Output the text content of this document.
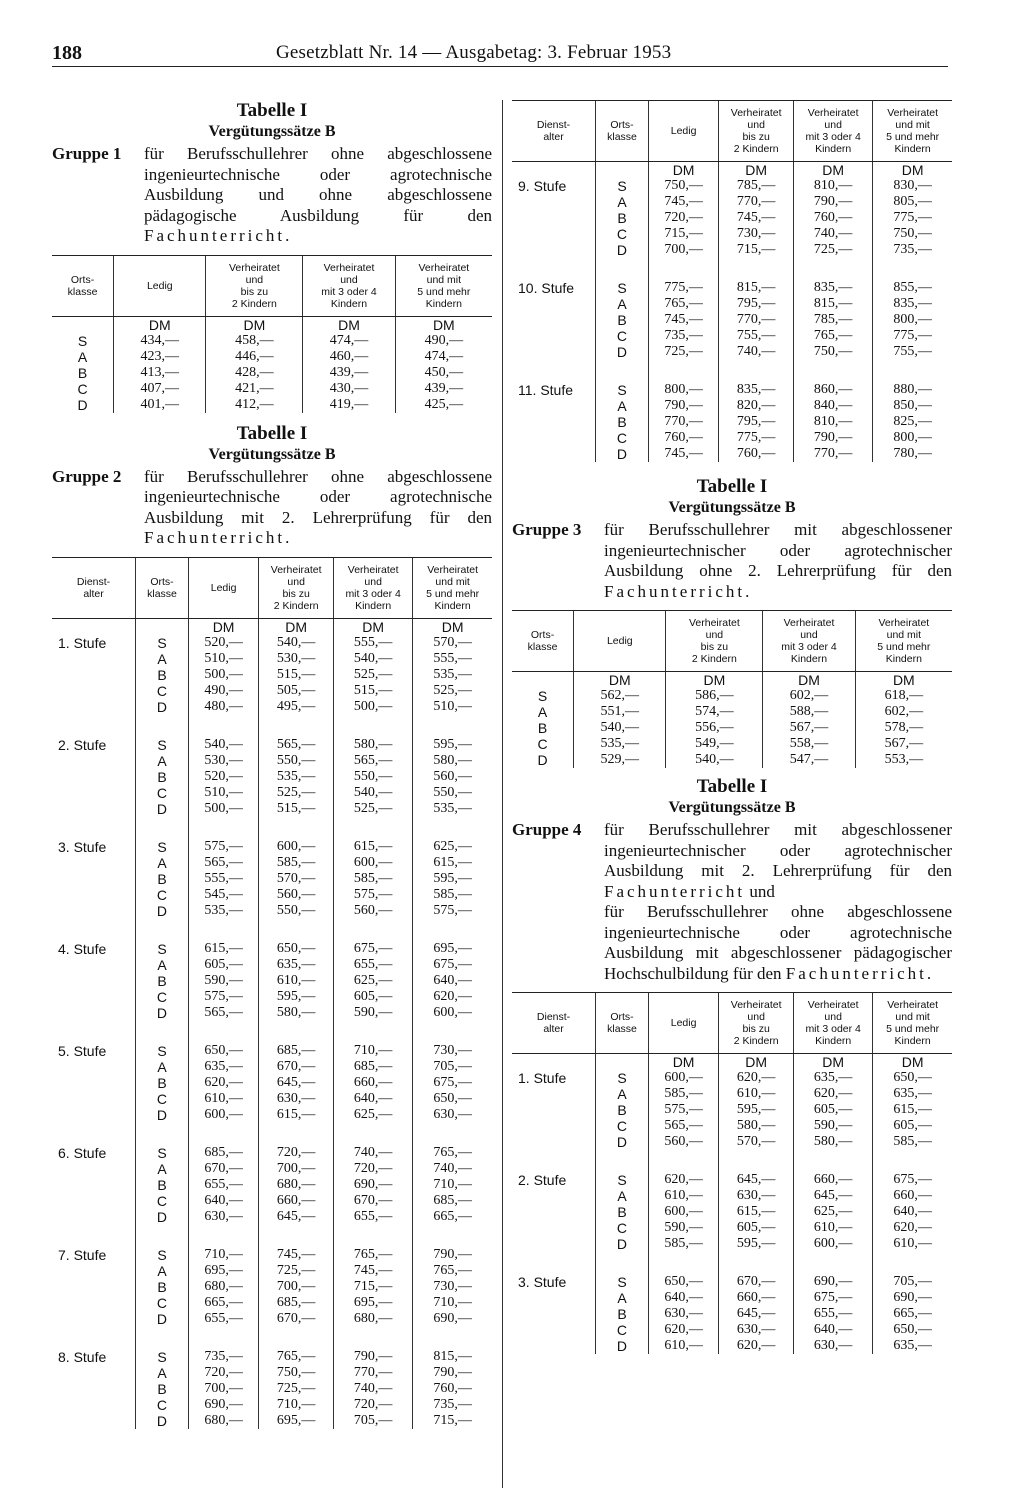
188	Gesetzblatt Nr. 14 — Ausgabetag: 3. Februar 1953
Tabelle I
Vergütungssätze B
Gruppe 1	für Berufsschullehrer ohne abgeschlossene ingenieurtechnische oder agrotechnische Ausbildung und ohne abgeschlossene pädagogische Ausbildung für den Fachunterricht.
Orts-
klasse	Ledig	Verheiratet
und
bis zu
2 Kindern	Verheiratet
und
mit 3 oder 4
Kindern	Verheiratet
und mit
5 und mehr
Kindern
	DM	DM	DM	DM
S	434,—	458,—	474,—	490,—
A	423,—	446,—	460,—	474,—
B	413,—	428,—	439,—	450,—
C	407,—	421,—	430,—	439,—
D	401,—	412,—	419,—	425,—
Tabelle I
Vergütungssätze B
Gruppe 2	für Berufsschullehrer ohne abgeschlossene ingenieurtechnische oder agrotechnische Ausbildung mit 2. Lehrerprüfung für den Fachunterricht.
Dienst-
alter	Orts-
klasse	Ledig	Verheiratet
und
bis zu
2 Kindern	Verheiratet
und
mit 3 oder 4
Kindern	Verheiratet
und mit
5 und mehr
Kindern
		DM	DM	DM	DM
1. Stufe	S	520,—	540,—	555,—	570,—
	A	510,—	530,—	540,—	555,—
	B	500,—	515,—	525,—	535,—
	C	490,—	505,—	515,—	525,—
	D	480,—	495,—	500,—	510,—

2. Stufe	S	540,—	565,—	580,—	595,—
	A	530,—	550,—	565,—	580,—
	B	520,—	535,—	550,—	560,—
	C	510,—	525,—	540,—	550,—
	D	500,—	515,—	525,—	535,—

3. Stufe	S	575,—	600,—	615,—	625,—
	A	565,—	585,—	600,—	615,—
	B	555,—	570,—	585,—	595,—
	C	545,—	560,—	575,—	585,—
	D	535,—	550,—	560,—	575,—

4. Stufe	S	615,—	650,—	675,—	695,—
	A	605,—	635,—	655,—	675,—
	B	590,—	610,—	625,—	640,—
	C	575,—	595,—	605,—	620,—
	D	565,—	580,—	590,—	600,—

5. Stufe	S	650,—	685,—	710,—	730,—
	A	635,—	670,—	685,—	705,—
	B	620,—	645,—	660,—	675,—
	C	610,—	630,—	640,—	650,—
	D	600,—	615,—	625,—	630,—

6. Stufe	S	685,—	720,—	740,—	765,—
	A	670,—	700,—	720,—	740,—
	B	655,—	680,—	690,—	710,—
	C	640,—	660,—	670,—	685,—
	D	630,—	645,—	655,—	665,—

7. Stufe	S	710,—	745,—	765,—	790,—
	A	695,—	725,—	745,—	765,—
	B	680,—	700,—	715,—	730,—
	C	665,—	685,—	695,—	710,—
	D	655,—	670,—	680,—	690,—

8. Stufe	S	735,—	765,—	790,—	815,—
	A	720,—	750,—	770,—	790,—
	B	700,—	725,—	740,—	760,—
	C	690,—	710,—	720,—	735,—
	D	680,—	695,—	705,—	715,—
Dienst-
alter	Orts-
klasse	Ledig	Verheiratet
und
bis zu
2 Kindern	Verheiratet
und
mit 3 oder 4
Kindern	Verheiratet
und mit
5 und mehr
Kindern
		DM	DM	DM	DM
9. Stufe	S	750,—	785,—	810,—	830,—
	A	745,—	770,—	790,—	805,—
	B	720,—	745,—	760,—	775,—
	C	715,—	730,—	740,—	750,—
	D	700,—	715,—	725,—	735,—

10. Stufe	S	775,—	815,—	835,—	855,—
	A	765,—	795,—	815,—	835,—
	B	745,—	770,—	785,—	800,—
	C	735,—	755,—	765,—	775,—
	D	725,—	740,—	750,—	755,—

11. Stufe	S	800,—	835,—	860,—	880,—
	A	790,—	820,—	840,—	850,—
	B	770,—	795,—	810,—	825,—
	C	760,—	775,—	790,—	800,—
	D	745,—	760,—	770,—	780,—
Tabelle I
Vergütungssätze B
Gruppe 3	für Berufsschullehrer mit abgeschlossener ingenieurtechnischer oder agrotechnischer Ausbildung ohne 2. Lehrerprüfung für den Fachunterricht.
Orts-
klasse	Ledig	Verheiratet
und
bis zu
2 Kindern	Verheiratet
und
mit 3 oder 4
Kindern	Verheiratet
und mit
5 und mehr
Kindern
	DM	DM	DM	DM
S	562,—	586,—	602,—	618,—
A	551,—	574,—	588,—	602,—
B	540,—	556,—	567,—	578,—
C	535,—	549,—	558,—	567,—
D	529,—	540,—	547,—	553,—
Tabelle I
Vergütungssätze B
Gruppe 4	für Berufsschullehrer mit abgeschlossener ingenieurtechnischer oder agrotechnischer Ausbildung mit 2. Lehrerprüfung für den Fachunterricht und
für Berufsschullehrer ohne abgeschlossene ingenieurtechnische oder agrotechnische Ausbildung mit abgeschlossener pädagogischer Hochschulbildung für den Fachunterricht.
Dienst-
alter	Orts-
klasse	Ledig	Verheiratet
und
bis zu
2 Kindern	Verheiratet
und
mit 3 oder 4
Kindern	Verheiratet
und mit
5 und mehr
Kindern
		DM	DM	DM	DM
1. Stufe	S	600,—	620,—	635,—	650,—
	A	585,—	610,—	620,—	635,—
	B	575,—	595,—	605,—	615,—
	C	565,—	580,—	590,—	605,—
	D	560,—	570,—	580,—	585,—

2. Stufe	S	620,—	645,—	660,—	675,—
	A	610,—	630,—	645,—	660,—
	B	600,—	615,—	625,—	640,—
	C	590,—	605,—	610,—	620,—
	D	585,—	595,—	600,—	610,—

3. Stufe	S	650,—	670,—	690,—	705,—
	A	640,—	660,—	675,—	690,—
	B	630,—	645,—	655,—	665,—
	C	620,—	630,—	640,—	650,—
	D	610,—	620,—	630,—	635,—
